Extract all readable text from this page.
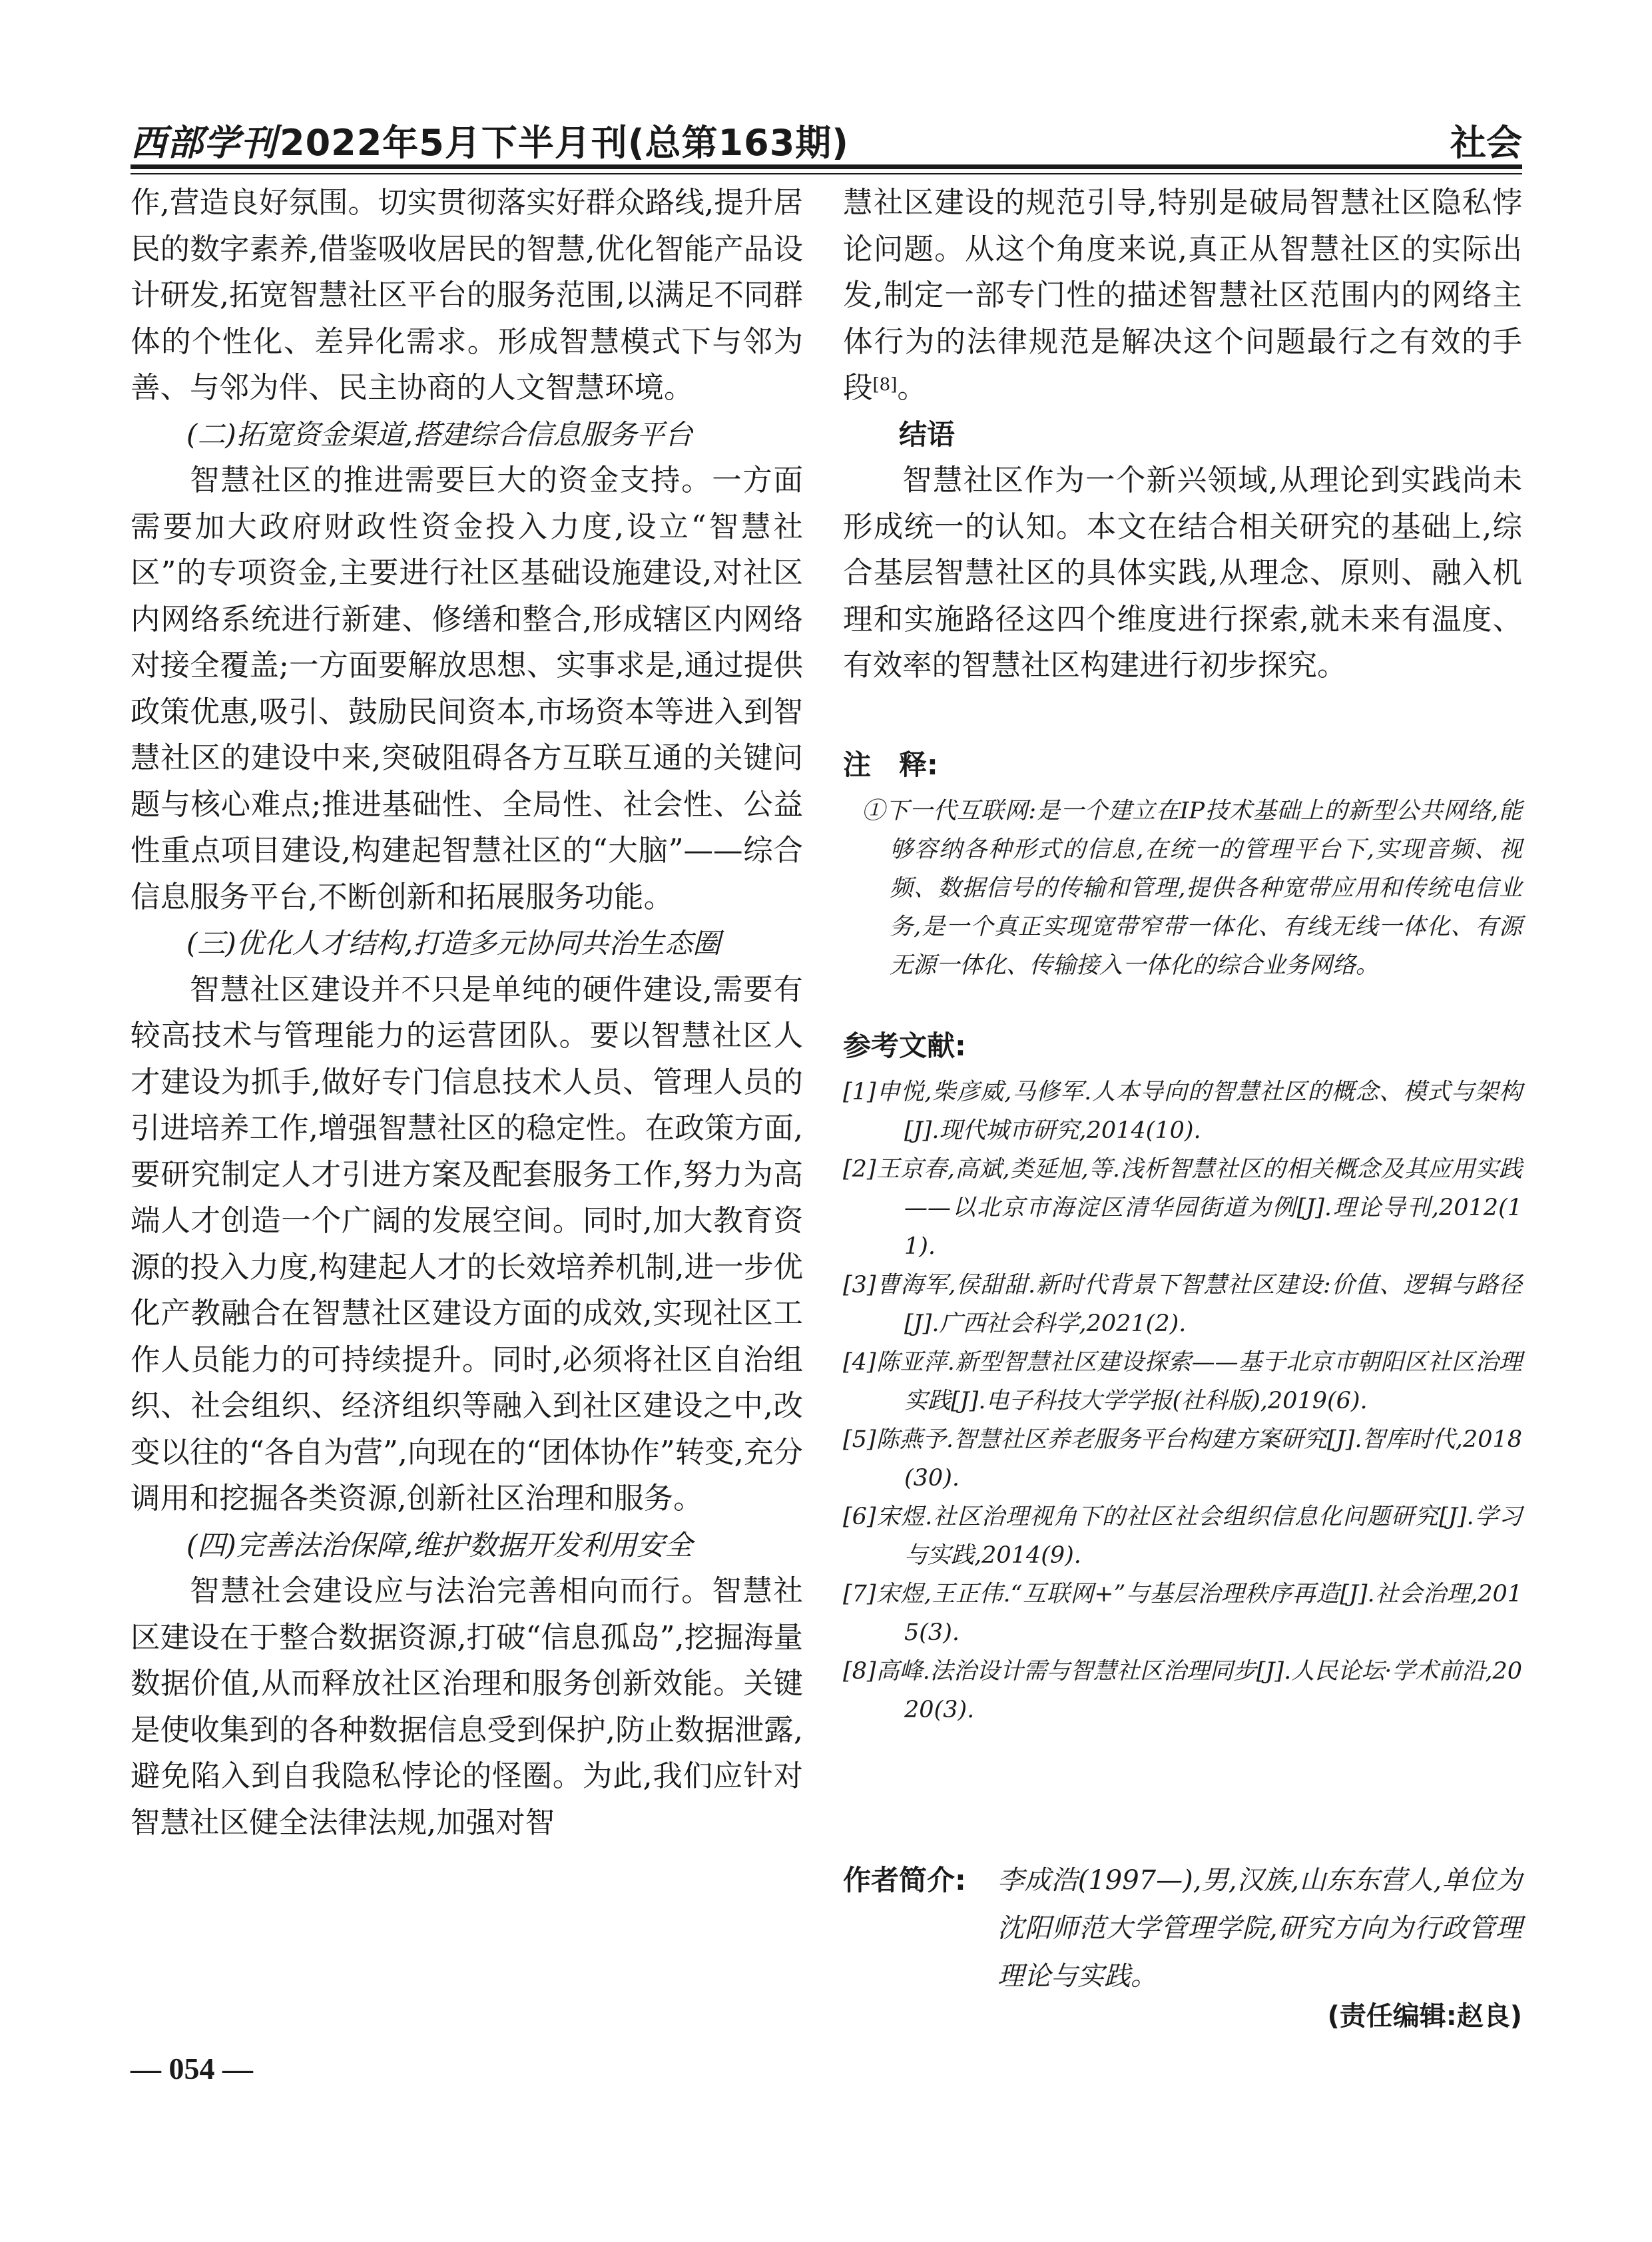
西部学刊2022年5月下半月刊(总第163期)	社会

作,营造良好氛围。切实贯彻落实好群众路线,提升居民的数字素养,借鉴吸收居民的智慧,优化智能产品设计研发,拓宽智慧社区平台的服务范围,以满足不同群体的个性化、差异化需求。形成智慧模式下与邻为善、与邻为伴、民主协商的人文智慧环境。

(二)拓宽资金渠道,搭建综合信息服务平台

智慧社区的推进需要巨大的资金支持。一方面需要加大政府财政性资金投入力度,设立“智慧社区”的专项资金,主要进行社区基础设施建设,对社区内网络系统进行新建、修缮和整合,形成辖区内网络对接全覆盖;一方面要解放思想、实事求是,通过提供政策优惠,吸引、鼓励民间资本,市场资本等进入到智慧社区的建设中来,突破阻碍各方互联互通的关键问题与核心难点;推进基础性、全局性、社会性、公益性重点项目建设,构建起智慧社区的“大脑”——综合信息服务平台,不断创新和拓展服务功能。

(三)优化人才结构,打造多元协同共治生态圈

智慧社区建设并不只是单纯的硬件建设,需要有较高技术与管理能力的运营团队。要以智慧社区人才建设为抓手,做好专门信息技术人员、管理人员的引进培养工作,增强智慧社区的稳定性。在政策方面,要研究制定人才引进方案及配套服务工作,努力为高端人才创造一个广阔的发展空间。同时,加大教育资源的投入力度,构建起人才的长效培养机制,进一步优化产教融合在智慧社区建设方面的成效,实现社区工作人员能力的可持续提升。同时,必须将社区自治组织、社会组织、经济组织等融入到社区建设之中,改变以往的“各自为营”,向现在的“团体协作”转变,充分调用和挖掘各类资源,创新社区治理和服务。

(四)完善法治保障,维护数据开发利用安全

智慧社会建设应与法治完善相向而行。智慧社区建设在于整合数据资源,打破“信息孤岛”,挖掘海量数据价值,从而释放社区治理和服务创新效能。关键是使收集到的各种数据信息受到保护,防止数据泄露,避免陷入到自我隐私悖论的怪圈。为此,我们应针对智慧社区健全法律法规,加强对智

慧社区建设的规范引导,特别是破局智慧社区隐私悖论问题。从这个角度来说,真正从智慧社区的实际出发,制定一部专门性的描述智慧社区范围内的网络主体行为的法律规范是解决这个问题最行之有效的手段[8]。

结语

智慧社区作为一个新兴领域,从理论到实践尚未形成统一的认知。本文在结合相关研究的基础上,综合基层智慧社区的具体实践,从理念、原则、融入机理和实施路径这四个维度进行探索,就未来有温度、有效率的智慧社区构建进行初步探究。

注　释:

①下一代互联网:是一个建立在IP技术基础上的新型公共网络,能够容纳各种形式的信息,在统一的管理平台下,实现音频、视频、数据信号的传输和管理,提供各种宽带应用和传统电信业务,是一个真正实现宽带窄带一体化、有线无线一体化、有源无源一体化、传输接入一体化的综合业务网络。

参考文献:

[1]申悦,柴彦威,马修军.人本导向的智慧社区的概念、模式与架构[J].现代城市研究,2014(10).

[2]王京春,高斌,类延旭,等.浅析智慧社区的相关概念及其应用实践——以北京市海淀区清华园街道为例[J].理论导刊,2012(11).

[3]曹海军,侯甜甜.新时代背景下智慧社区建设:价值、逻辑与路径[J].广西社会科学,2021(2).

[4]陈亚萍.新型智慧社区建设探索——基于北京市朝阳区社区治理实践[J].电子科技大学学报(社科版),2019(6).

[5]陈燕予.智慧社区养老服务平台构建方案研究[J].智库时代,2018(30).

[6]宋煜.社区治理视角下的社区社会组织信息化问题研究[J].学习与实践,2014(9).

[7]宋煜,王正伟.“互联网+”与基层治理秩序再造[J].社会治理,2015(3).

[8]高峰.法治设计需与智慧社区治理同步[J].人民论坛·学术前沿,2020(3).

作者简介: 李成浩(1997—),男,汉族,山东东营人,单位为沈阳师范大学管理学院,研究方向为行政管理理论与实践。
(责任编辑:赵良)
— 054 —
